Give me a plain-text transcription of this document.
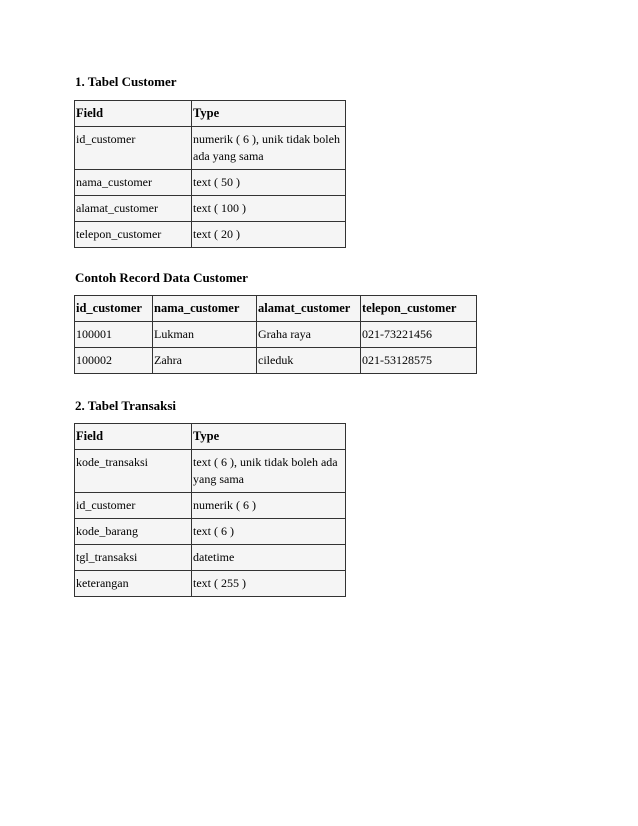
1. Tabel Customer

Field	Type
id_customer	numerik ( 6 ), unik tidak boleh ada yang sama
nama_customer	text ( 50 )
alamat_customer	text ( 100 )
telepon_customer	text ( 20 )

Contoh Record Data Customer

id_customer	nama_customer	alamat_customer	telepon_customer
100001	Lukman	Graha raya	021-73221456
100002	Zahra	cileduk	021-53128575

2. Tabel Transaksi

Field	Type
kode_transaksi	text ( 6 ), unik tidak boleh ada yang sama
id_customer	numerik ( 6 )
kode_barang	text ( 6 )
tgl_transaksi	datetime
keterangan	text ( 255 )
